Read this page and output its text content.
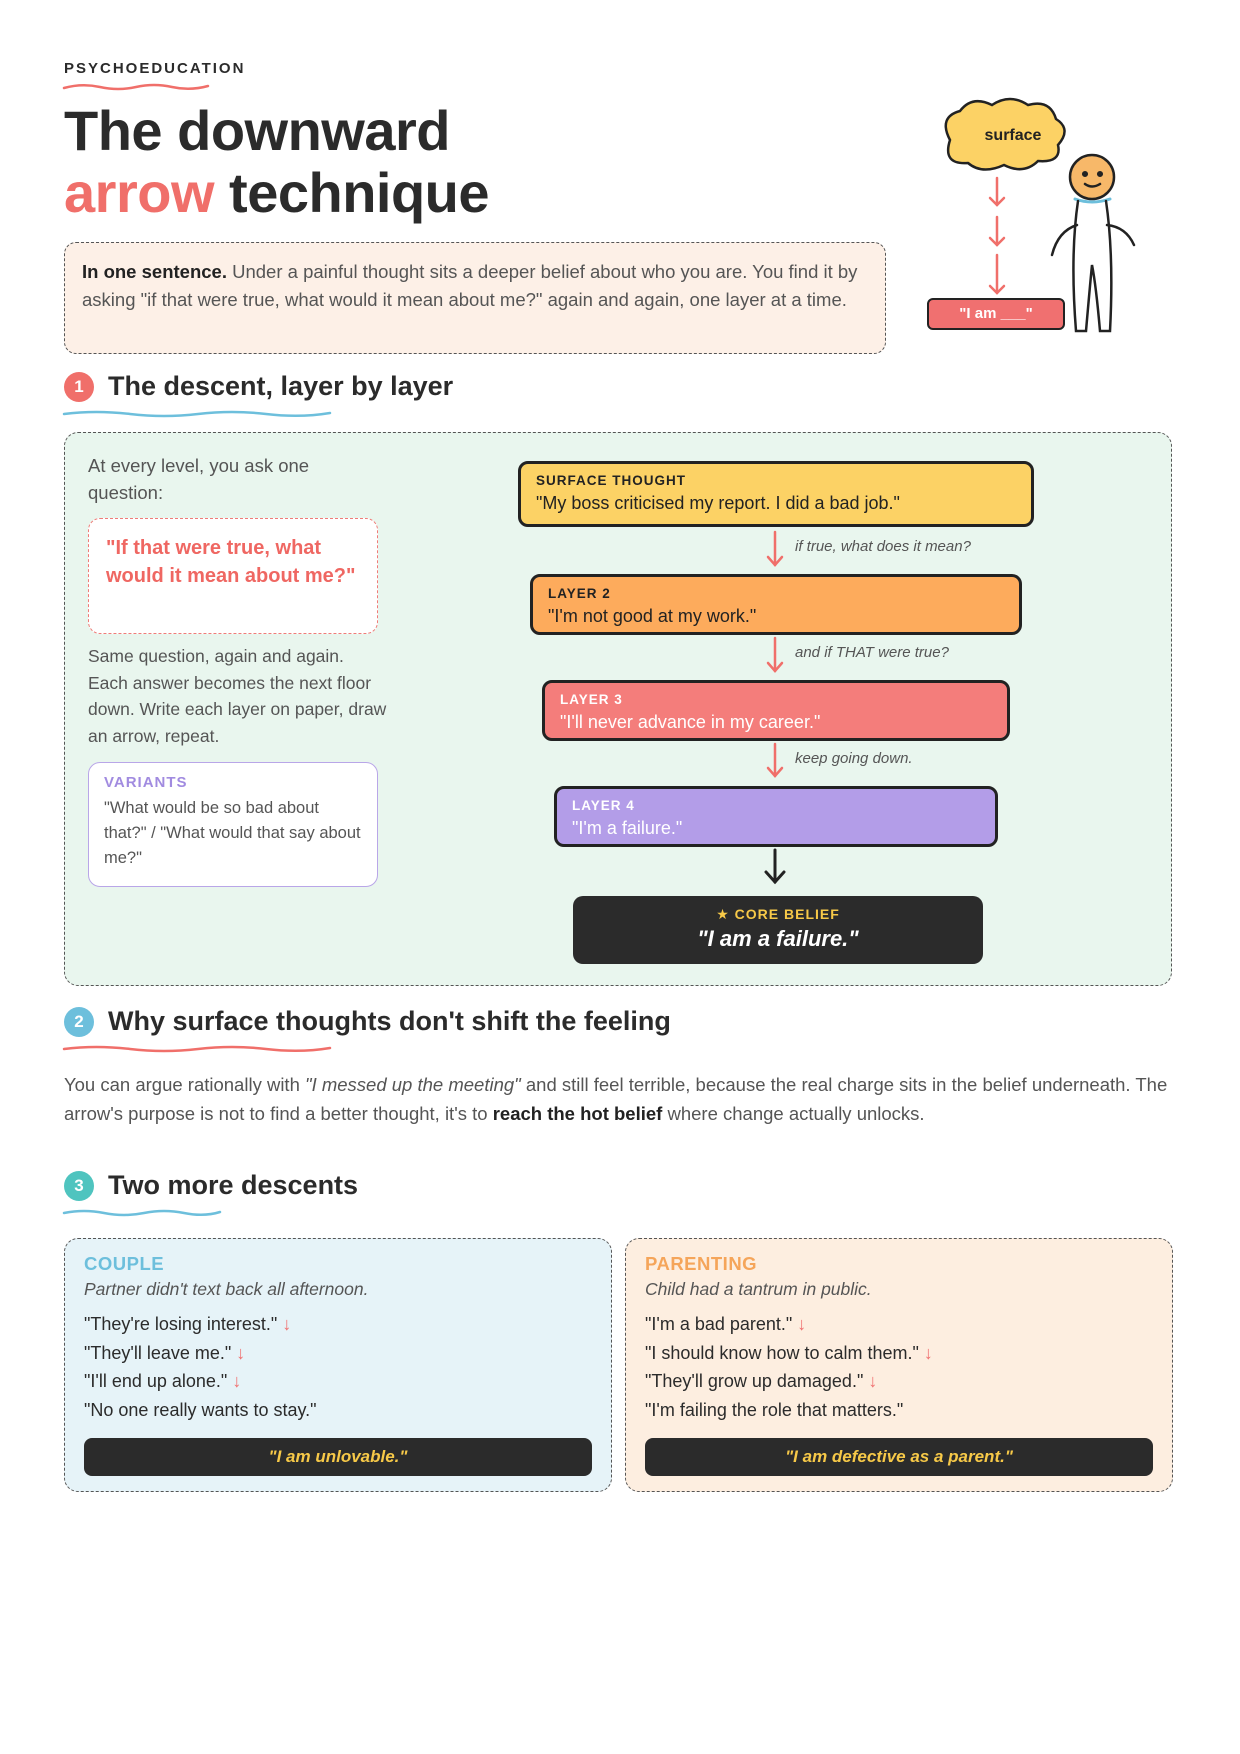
PSYCHOEDUCATION
The downward
arrow technique
In one sentence. Under a painful thought sits a deeper belief about who you are. You find it by asking "if that were true, what would it mean about me?" again and again, one layer at a time.
surface
"I am ___"
1 The descent, layer by layer
At every level, you ask one question:
"If that were true, what would it mean about me?"
Same question, again and again. Each answer becomes the next floor down. Write each layer on paper, draw an arrow, repeat.
VARIANTS
"What would be so bad about that?" / "What would that say about me?"
SURFACE THOUGHT
"My boss criticised my report. I did a bad job."
LAYER 2
"I'm not good at my work."
LAYER 3
"I'll never advance in my career."
LAYER 4
"I'm a failure."
if true, what does it mean?
and if THAT were true?
keep going down.
★ CORE BELIEF
"I am a failure."
2 Why surface thoughts don't shift the feeling
You can argue rationally with "I messed up the meeting" and still feel terrible, because the real charge sits in the belief underneath. The arrow's purpose is not to find a better thought, it's to reach the hot belief where change actually unlocks.
3 Two more descents
COUPLE
Partner didn't text back all afternoon.
"They're losing interest." ↓
"They'll leave me." ↓
"I'll end up alone." ↓
"No one really wants to stay."
"I am unlovable."
PARENTING
Child had a tantrum in public.
"I'm a bad parent." ↓
"I should know how to calm them." ↓
"They'll grow up damaged." ↓
"I'm failing the role that matters."
"I am defective as a parent."
